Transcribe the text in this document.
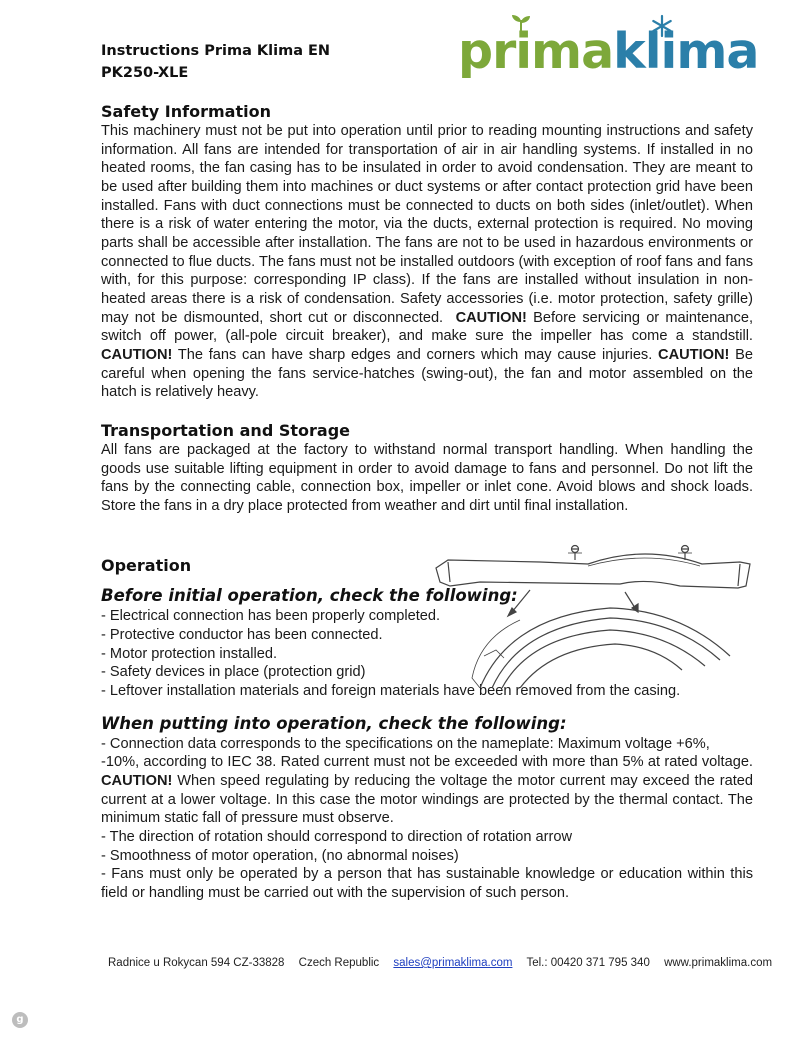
Instructions Prima Klima EN
PK250-XLE	primaklima
Safety Information

This machinery must not be put into operation until prior to reading mounting instructions and safety information. All fans are intended for transportation of air in air handling systems. If installed in no heated rooms, the fan casing has to be insulated in order to avoid condensation. They are meant to be used after building them into machines or duct systems or after contact protection grid have been installed. Fans with duct connections must be connected to ducts on both sides (inlet/outlet). When there is a risk of water entering the motor, via the ducts, external protection is required. No moving parts shall be accessible after installation. The fans are not to be used in hazardous environments or connected to flue ducts. The fans must not be installed outdoors (with exception of roof fans and fans with, for this purpose: corresponding IP class). If the fans are installed without insulation in non-heated areas there is a risk of condensation. Safety accessories (i.e. motor protection, safety grille) may not be dismounted, short cut or disconnected. CAUTION! Before servicing or maintenance, switch off power, (all-pole circuit breaker), and make sure the impeller has come a standstill. CAUTION! The fans can have sharp edges and corners which may cause injuries. CAUTION! Be careful when opening the fans service-hatches (swing-out), the fan and motor assembled on the hatch is relatively heavy.

Transportation and Storage

All fans are packaged at the factory to withstand normal transport handling. When handling the goods use suitable lifting equipment in order to avoid damage to fans and personnel. Do not lift the fans by the connecting cable, connection box, impeller or inlet cone. Avoid blows and shock loads. Store the fans in a dry place protected from weather and dirt until final installation.

Operation
Before initial operation, check the following:
- Electrical connection has been properly completed.
- Protective conductor has been connected.
- Motor protection installed.
- Safety devices in place (protection grid)
- Leftover installation materials and foreign materials have been removed from the casing.
When putting into operation, check the following:
- Connection data corresponds to the specifications on the nameplate: Maximum voltage +6%,

-10%, according to IEC 38. Rated current must not be exceeded with more than 5% at rated voltage. CAUTION! When speed regulating by reducing the voltage the motor current may exceed the rated current at a lower voltage. In this case the motor windings are protected by the thermal contact. The minimum static fall of pressure must observe.

- The direction of rotation should correspond to direction of rotation arrow
- Smoothness of motor operation, (no abnormal noises)

- Fans must only be operated by a person that has sustainable knowledge or education within this field or handling must be carried out with the supervision of such person.

Radnice u Rokycan 594 CZ-33828 Czech Republic sales@primaklima.com Tel.: 00420 371 795 340 www.primaklima.com
g
